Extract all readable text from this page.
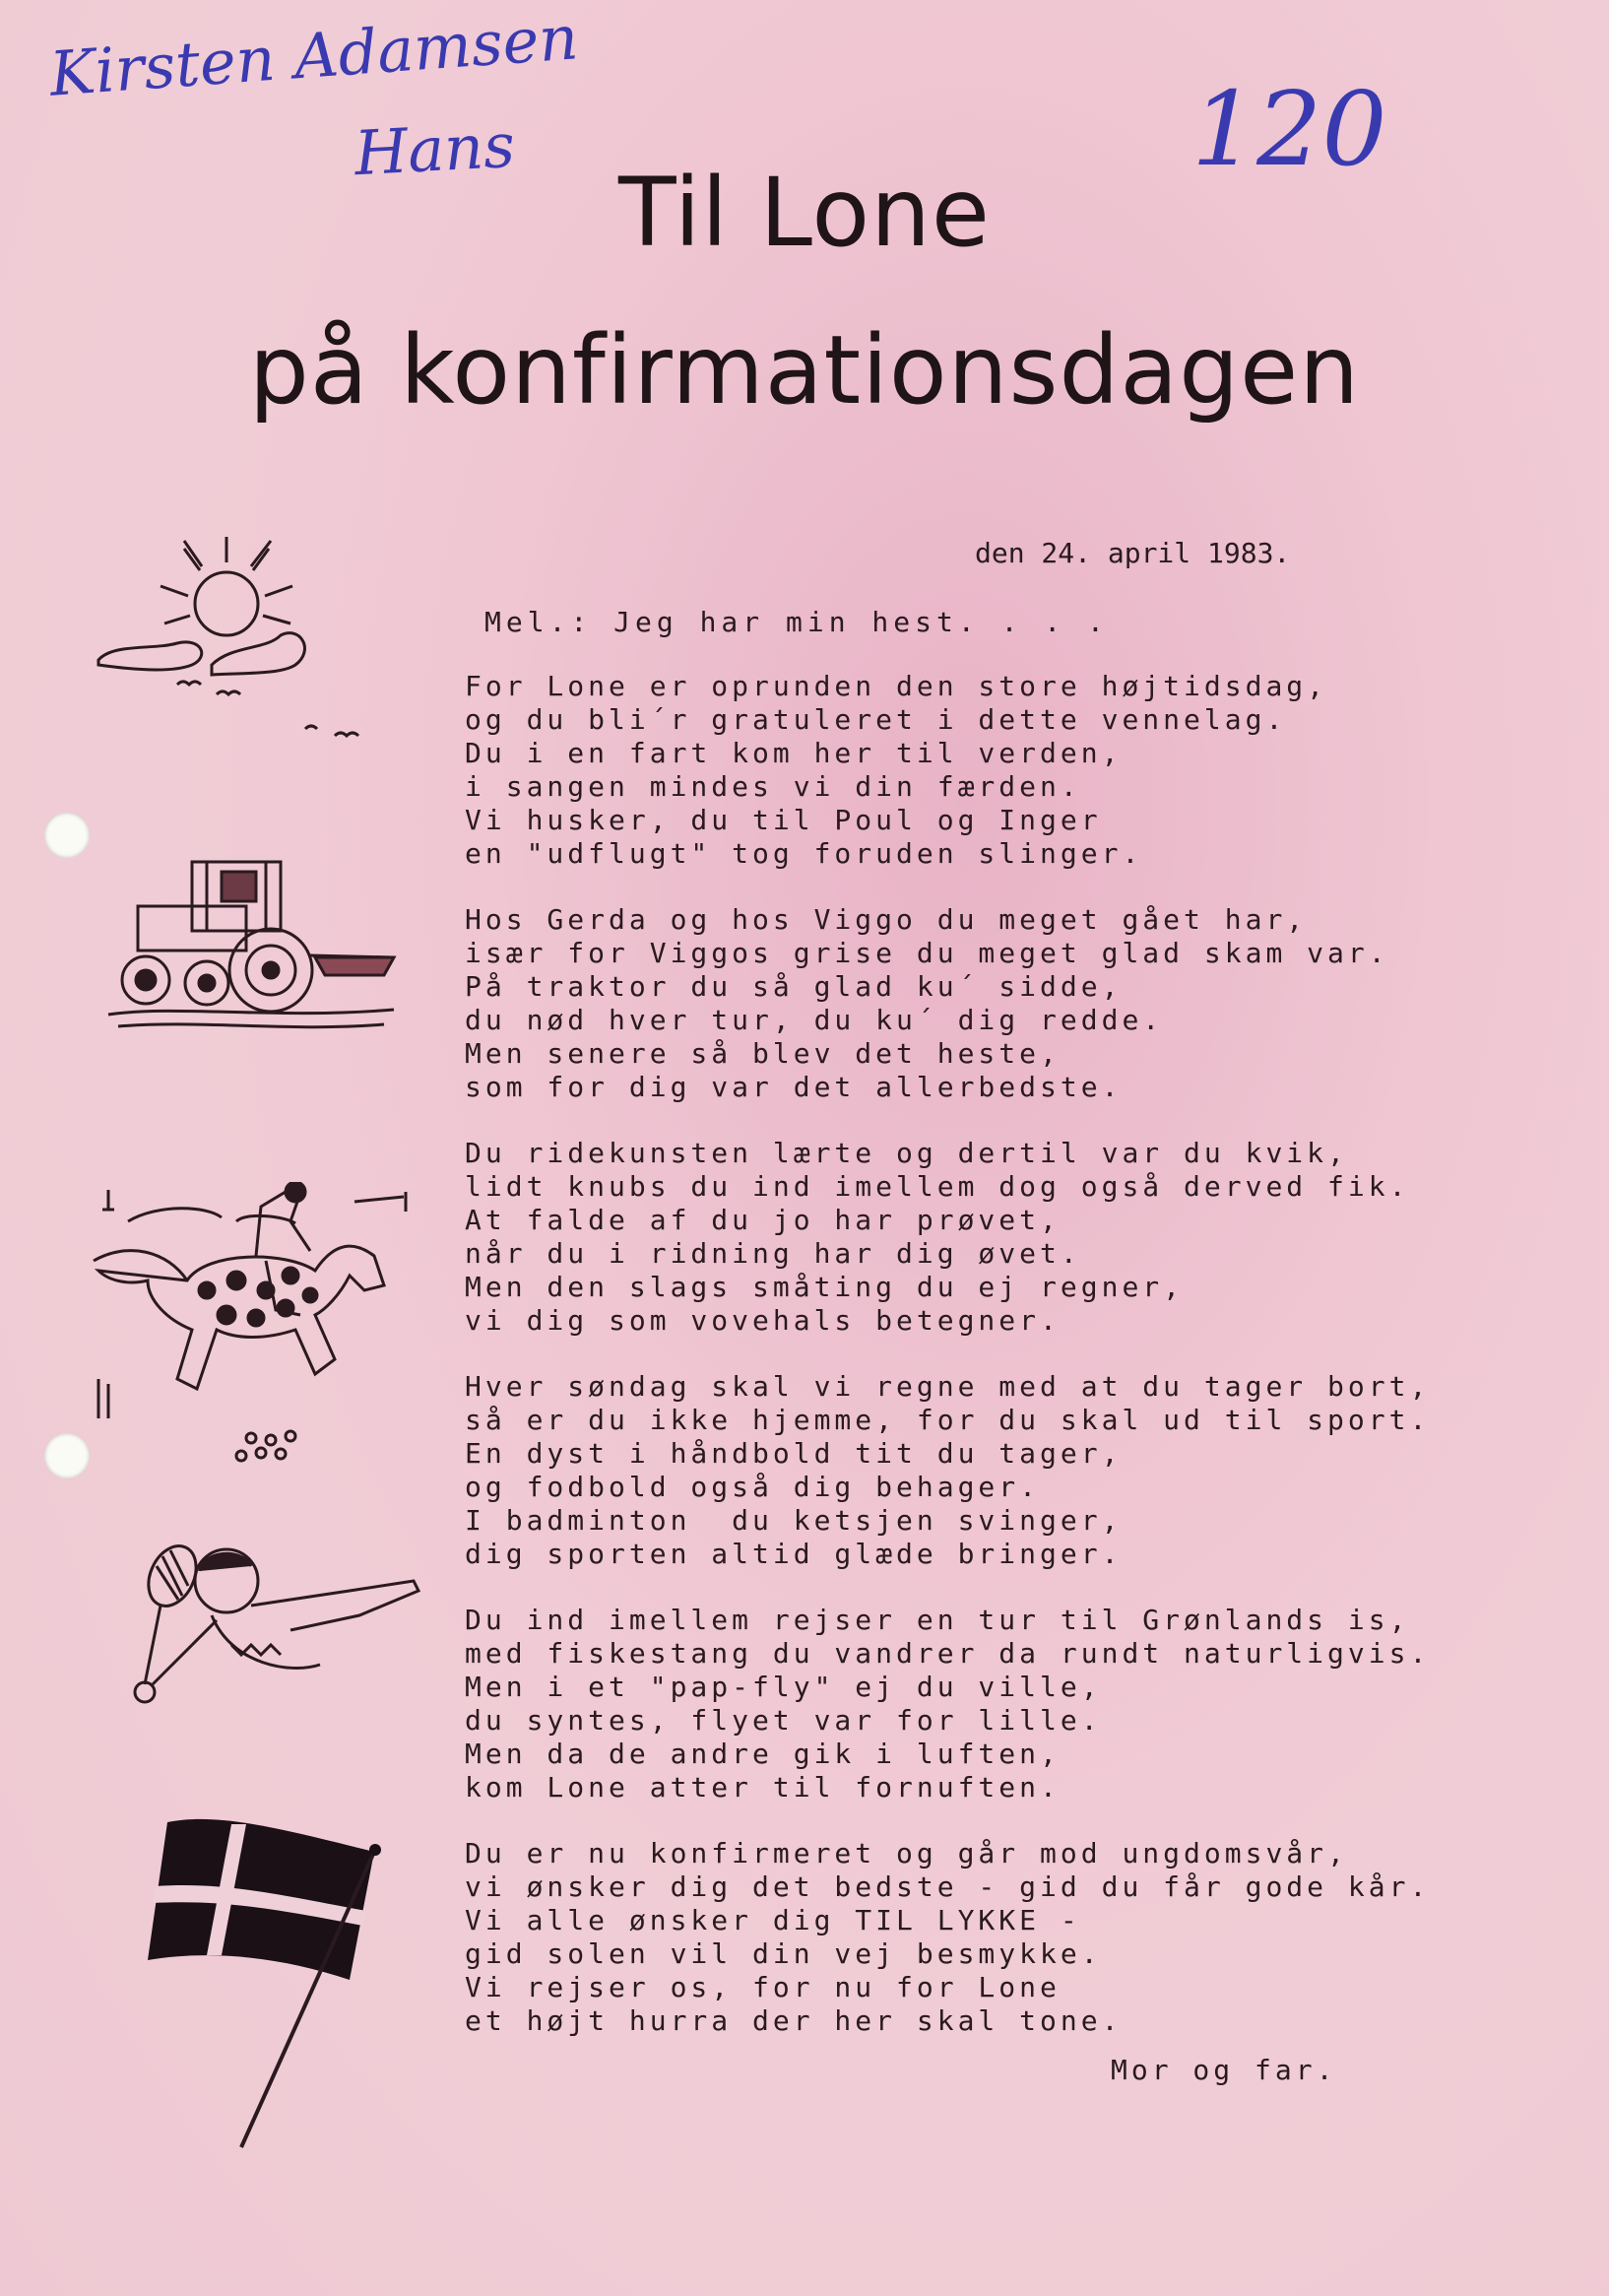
Kirsten Adamsen
Hans	120
Til Lone
på konfirmationsdagen
den 24. april 1983.
Mel.: Jeg har min hest. . . .
For Lone er oprunden den store højtidsdag,
og du bli´r gratuleret i dette vennelag.
Du i en fart kom her til verden,
i sangen mindes vi din færden.
Vi husker, du til Poul og Inger
en "udflugt" tog foruden slinger.
Hos Gerda og hos Viggo du meget gået har,
især for Viggos grise du meget glad skam var.
På traktor du så glad ku´ sidde,
du nød hver tur, du ku´ dig redde.
Men senere så blev det heste,
som for dig var det allerbedste.
Du ridekunsten lærte og dertil var du kvik,
lidt knubs du ind imellem dog også derved fik.
At falde af du jo har prøvet,
når du i ridning har dig øvet.
Men den slags småting du ej regner,
vi dig som vovehals betegner.
Hver søndag skal vi regne med at du tager bort,
så er du ikke hjemme, for du skal ud til sport.
En dyst i håndbold tit du tager,
og fodbold også dig behager.
I badminton  du ketsjen svinger,
dig sporten altid glæde bringer.
Du ind imellem rejser en tur til Grønlands is,
med fiskestang du vandrer da rundt naturligvis.
Men i et "pap-fly" ej du ville,
du syntes, flyet var for lille.
Men da de andre gik i luften,
kom Lone atter til fornuften.
Du er nu konfirmeret og går mod ungdomsvår,
vi ønsker dig det bedste - gid du får gode kår.
Vi alle ønsker dig TIL LYKKE -
gid solen vil din vej besmykke.
Vi rejser os, for nu for Lone
et højt hurra der her skal tone.
Mor og far.
